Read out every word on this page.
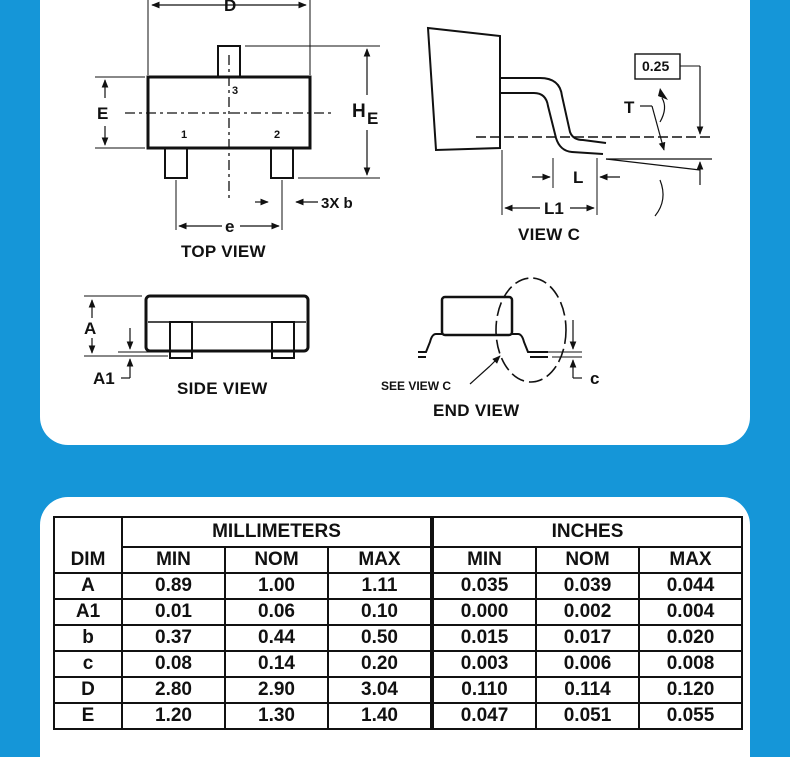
D
E	H E
3
1	2
e
3X b
TOP VIEW
0.25
T
L
L1
VIEW C
A
A1
SIDE VIEW	SEE VIEW C	c
END VIEW
DIM	MILLIMETERS			INCHES		
	MIN	NOM	MAX	MIN	NOM	MAX
A	0.89	1.00	1.11	0.035	0.039	0.044
A1	0.01	0.06	0.10	0.000	0.002	0.004
b	0.37	0.44	0.50	0.015	0.017	0.020
c	0.08	0.14	0.20	0.003	0.006	0.008
D	2.80	2.90	3.04	0.110	0.114	0.120
E	1.20	1.30	1.40	0.047	0.051	0.055
